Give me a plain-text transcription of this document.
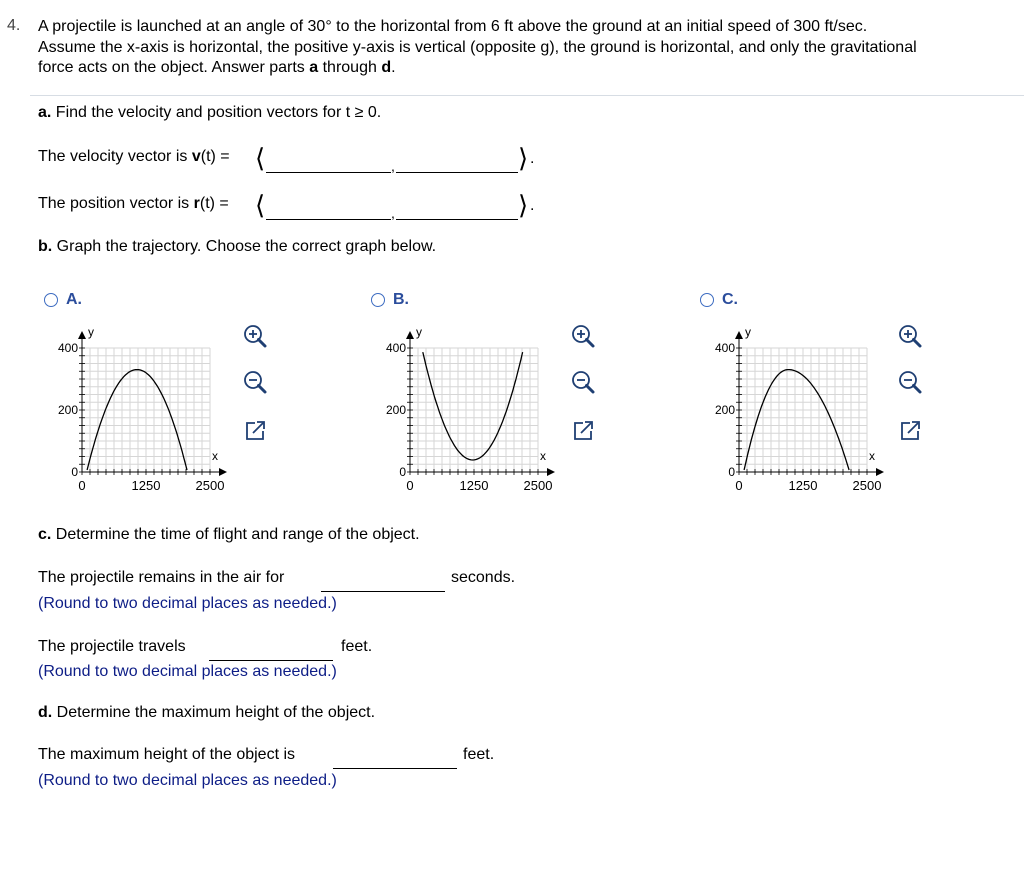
4. A projectile is launched at an angle of 30° to the horizontal from 6 ft above the ground at an initial speed of 300 ft/sec.
Assume the x-axis is horizontal, the positive y-axis is vertical (opposite g), the ground is horizontal, and only the gravitational
force acts on the object. Answer parts a through d.
a. Find the velocity and position vectors for t ≥ 0.
The velocity vector is v(t) = ⟨	,	⟩ .
The position vector is r(t) = ⟨	,	⟩ .
b. Graph the trajectory. Choose the correct graph below.
A.
y
x
400
200
0
0	1250	2500
B.
y
x
400
200
0
0	1250	2500
C.
y
x
400
200
0
0	1250	2500
c. Determine the time of flight and range of the object.
The projectile remains in the air for	seconds.
(Round to two decimal places as needed.)
The projectile travels	feet.
(Round to two decimal places as needed.)
d. Determine the maximum height of the object.
The maximum height of the object is	feet.
(Round to two decimal places as needed.)
